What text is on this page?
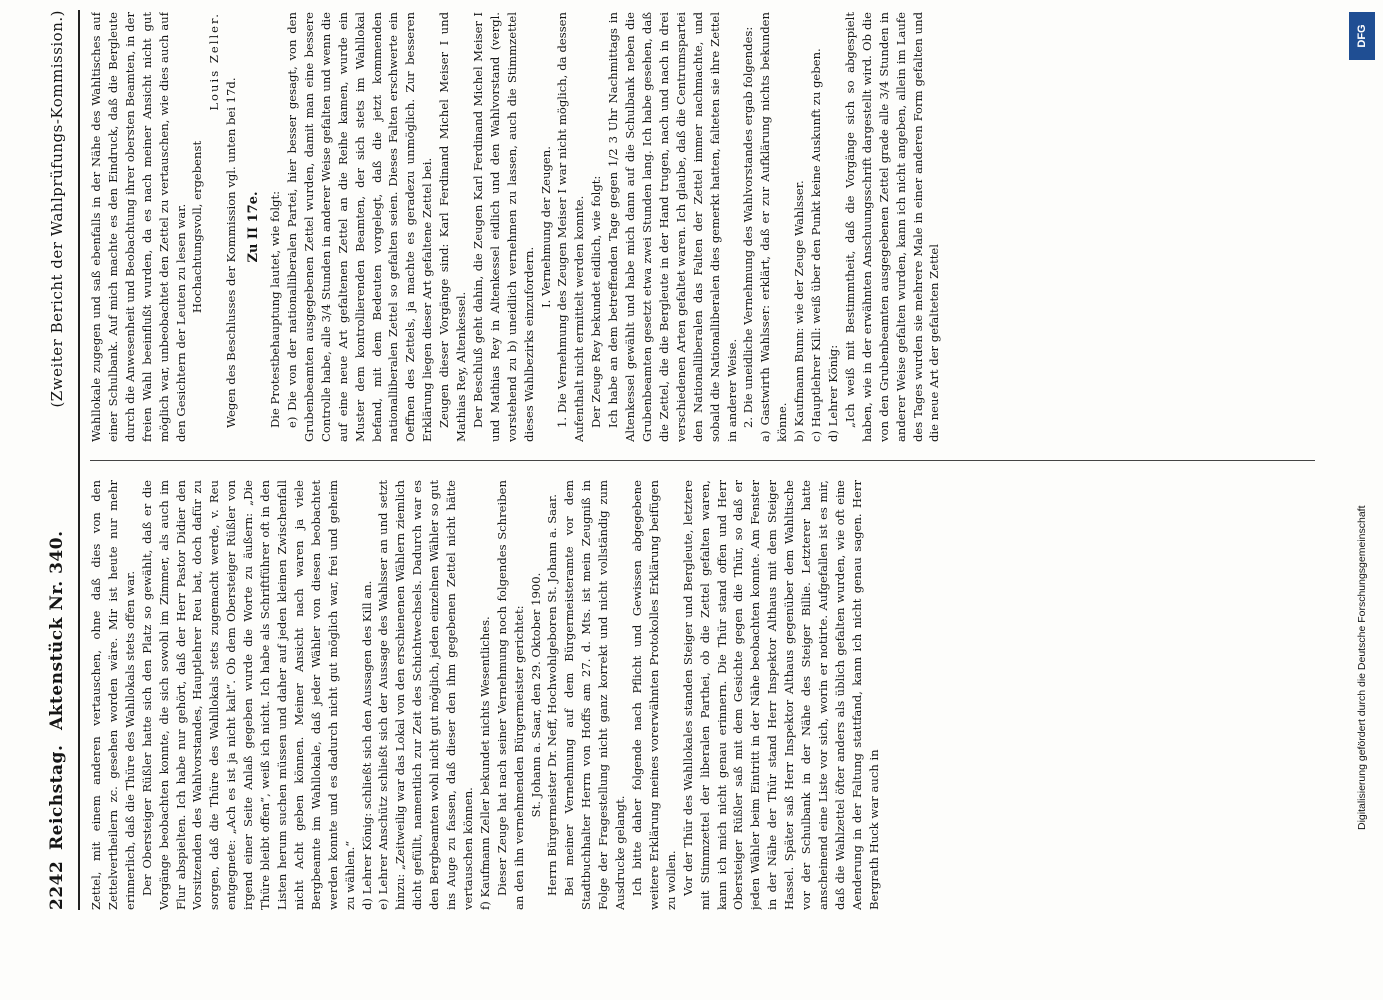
2242
Reichstag.
Aktenstück Nr. 340.
(Zweiter Bericht der Wahlprüfungs-Kommission.)

Zettel, mit einem anderen vertauschen, ohne daß dies von den Zettelvertheilern zc. gesehen worden wäre. Mir ist heute nur mehr erinnerlich, daß die Thüre des Wahllokals stets offen war. Der Obersteiger Rüßler hatte sich den Platz so gewählt, daß er die Vorgänge beobachten konnte, die sich sowohl im Zimmer, als auch im Flur abspielten. Ich habe nur gehört, daß der Herr Pastor Didier den Vorsitzenden des Wahlvorstandes, Hauptlehrer Reu bat, doch dafür zu sorgen, daß die Thüre des Wahllokals stets zugemacht werde, v. Reu entgegnete: „Ach es ist ja nicht kalt“. Ob dem Obersteiger Rüßler von irgend einer Seite Anlaß gegeben wurde die Worte zu äußern: „Die Thüre bleibt offen“, weiß ich nicht. Ich habe als Schriftführer oft in den Listen herum suchen müssen und daher auf jeden kleinen Zwischenfall nicht Acht geben können. Meiner Ansicht nach waren ja viele Bergbeamte im Wahllokale, daß jeder Wähler von diesen beobachtet werden konnte und es dadurch nicht gut möglich war, frei und geheim zu wählen.“ d) Lehrer König: schließt sich den Aussagen des Kill an. e) Lehrer Anschütz schließt sich der Aussage des Wahlsser an und setzt hinzu: „Zeitweilig war das Lokal von den erschienenen Wählern ziemlich dicht gefüllt, namentlich zur Zeit des Schichtwechsels. Dadurch war es den Bergbeamten wohl nicht gut möglich, jeden einzelnen Wähler so gut ins Auge zu fassen, daß dieser den ihm gegebenen Zettel nicht hätte vertauschen können. f) Kaufmann Zeller bekundet nichts Wesentliches. Dieser Zeuge hat nach seiner Vernehmung noch folgendes Schreiben an den ihn vernehmenden Bürgermeister gerichtet: St. Johann a. Saar, den 29. Oktober 1900. Herrn Bürgermeister Dr. Neff, Hochwohlgeboren St. Johann a. Saar. Bei meiner Vernehmung auf dem Bürgermeisteramte vor dem Stadtbuchhalter Herrn von Hoffs am 27. d. Mts. ist mein Zeugniß in Folge der Fragestellung nicht ganz korrekt und nicht vollständig zum Ausdrucke gelangt. Ich bitte daher folgende nach Pflicht und Gewissen abgegebene weitere Erklärung meines vorerwähnten Protokolles Erklärung beifügen zu wollen. Vor der Thür des Wahllokales standen Steiger und Bergleute, letztere mit Stimmzettel der liberalen Parthei, ob die Zettel gefalten waren, kann ich mich nicht genau erinnern. Die Thür stand offen und Herr Obersteiger Rüßler saß mit dem Gesichte gegen die Thür, so daß er jeden Wähler beim Eintritt in der Nähe beobachten konnte. Am Fenster in der Nähe der Thür stand Herr Inspektor Althaus mit dem Steiger Hassel. Später saß Herr Inspektor Althaus gegenüber dem Wahltische vor der Schulbank in der Nähe des Steiger Billie. Letzterer hatte anscheinend eine Liste vor sich, worin er notirte. Aufgefallen ist es mir, daß die Wahlzettel öfter anders als üblich gefalten wurden, wie oft eine Aenderung in der Faltung stattfand, kann ich nicht genau sagen. Herr Bergrath Huck war auch in

Wahllokale zugegen und saß ebenfalls in der Nähe des Wahltisches auf einer Schulbank. Auf mich machte es den Eindruck, daß die Bergleute durch die Anwesenheit und Beobachtung ihrer obersten Beamten, in der freien Wahl beeinflußt wurden, da es nach meiner Ansicht nicht gut möglich war, unbeobachtet den Zettel zu vertauschen, wie dies auch auf den Gesichtern der Leuten zu lesen war. Hochachtungsvoll, ergebenst

Louis Zeller.

Wegen des Beschlusses der Kommission vgl. unten bei 17d. Zu II 17e. Die Protestbehauptung lautet, wie folgt: e) Die von der nationalliberalen Partei, hier besser gesagt, von den Grubenbeamten ausgegebenen Zettel wurden, damit man eine bessere Controlle habe, alle 3/4 Stunden in anderer Weise gefalten und wenn die auf eine neue Art gefaltenen Zettel an die Reihe kamen, wurde ein Muster dem kontrollierenden Beamten, der sich stets im Wahllokal befand, mit dem Bedeuten vorgelegt, daß die jetzt kommenden nationalliberalen Zettel so gefalten seien. Dieses Falten erschwerte ein Oeffnen des Zettels, ja machte es geradezu unmöglich. Zur besseren Erklärung liegen dieser Art gefaltene Zettel bei. Zeugen dieser Vorgänge sind: Karl Ferdinand Michel Meiser I und Mathias Rey, Altenkessel. Der Beschluß geht dahin, die Zeugen Karl Ferdinand Michel Meiser I und Mathias Rey in Altenkessel eidlich und den Wahlvorstand (vergl. vorstehend zu b) uneidlich vernehmen zu lassen, auch die Stimmzettel dieses Wahlbezirks einzufordern.

I. Vernehmung der Zeugen. 1. Die Vernehmung des Zeugen Meiser I war nicht möglich, da dessen Aufenthalt nicht ermittelt werden konnte. Der Zeuge Rey bekundet eidlich, wie folgt: Ich habe an dem betreffenden Tage gegen 1/2 3 Uhr Nachmittags in Altenkessel gewählt und habe mich dann auf die Schulbank neben die Grubenbeamten gesetzt etwa zwei Stunden lang. Ich habe gesehen, daß die Zettel, die die Bergleute in der Hand trugen, nach und nach in drei verschiedenen Arten gefaltet waren. Ich glaube, daß die Centrumspartei den Nationalliberalen das Falten der Zettel immer nachmachte, und sobald die Nationalliberalen dies gemerkt hatten, falteten sie ihre Zettel in anderer Weise. 2. Die uneidliche Vernehmung des Wahlvorstandes ergab folgendes: a) Gastwirth Wahlsser: erklärt, daß er zur Aufklärung nichts bekunden könne. b) Kaufmann Bunn: wie der Zeuge Wahlsser. c) Hauptlehrer Kill: weiß über den Punkt keine Auskunft zu geben. d) Lehrer König: „Ich weiß mit Bestimmtheit, daß die Vorgänge sich so abgespielt haben, wie in der erwähnten Anschuungsschrift dargestellt wird. Ob die von den Grubenbeamten ausgegebenen Zettel grade alle 3/4 Stunden in anderer Weise gefalten wurden, kann ich nicht angeben, allein im Laufe des Tages wurden sie mehrere Male in einer anderen Form gefalten und die neue Art der gefalteten Zettel

DFG
Digitalisierung gefördert durch die Deutsche Forschungsgemeinschaft
